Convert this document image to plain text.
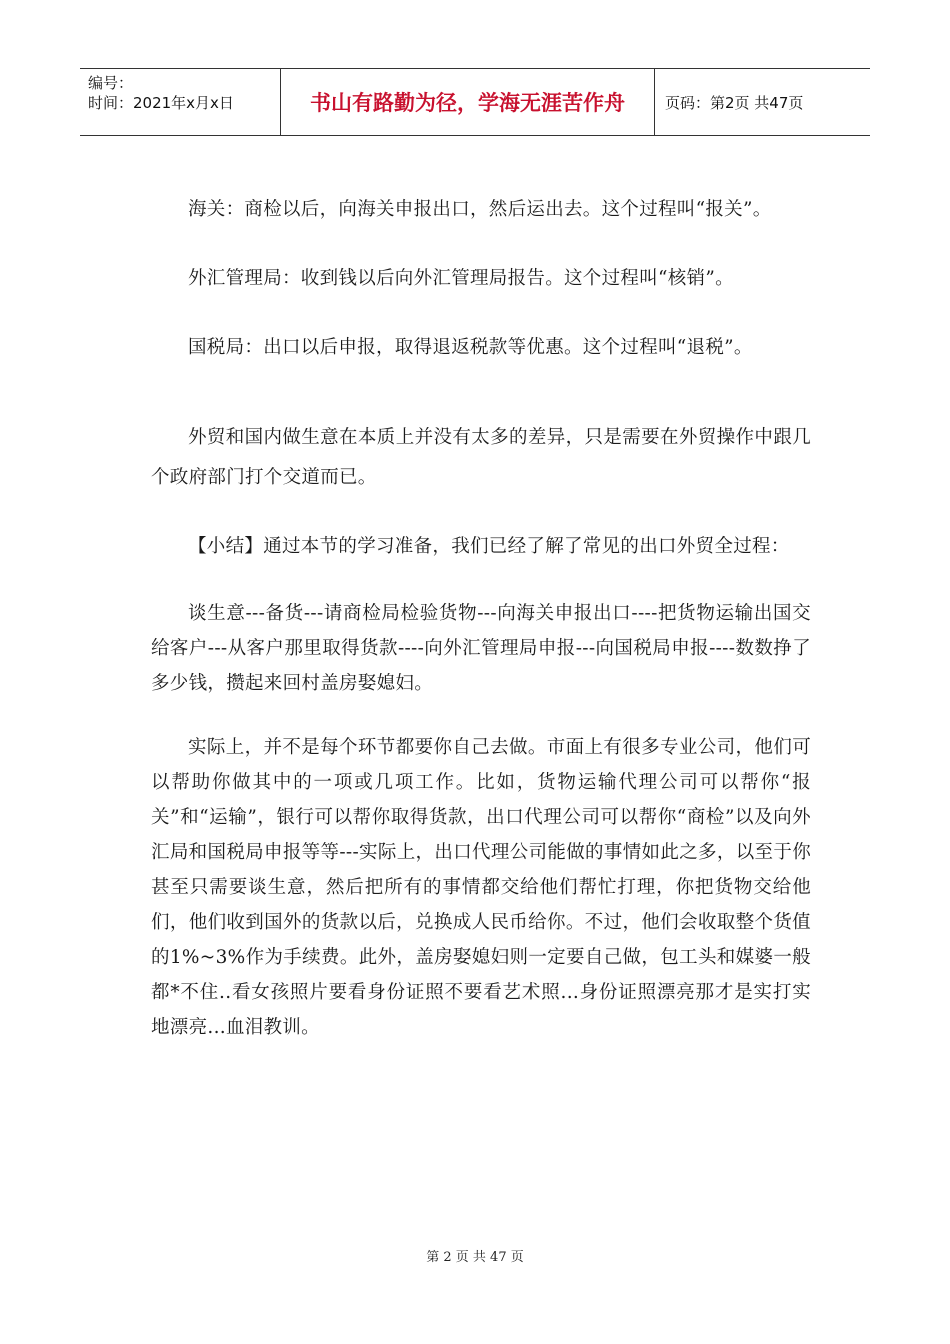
编号：
时间：2021年x月x日	书山有路勤为径，学海无涯苦作舟	页码：第2页 共47页

海关：商检以后，向海关申报出口，然后运出去。这个过程叫“报关”。

外汇管理局：收到钱以后向外汇管理局报告。这个过程叫“核销”。

国税局：出口以后申报，取得退返税款等优惠。这个过程叫“退税”。

外贸和国内做生意在本质上并没有太多的差异，只是需要在外贸操作中跟几个政府部门打个交道而已。

【小结】通过本节的学习准备，我们已经了解了常见的出口外贸全过程：

谈生意---备货---请商检局检验货物---向海关申报出口----把货物运输出国交给客户---从客户那里取得货款----向外汇管理局申报---向国税局申报----数数挣了多少钱，攒起来回村盖房娶媳妇。

实际上，并不是每个环节都要你自己去做。市面上有很多专业公司，他们可以帮助你做其中的一项或几项工作。比如，货物运输代理公司可以帮你“报关”和“运输”，银行可以帮你取得货款，出口代理公司可以帮你“商检”以及向外汇局和国税局申报等等---实际上，出口代理公司能做的事情如此之多，以至于你甚至只需要谈生意，然后把所有的事情都交给他们帮忙打理，你把货物交给他们，他们收到国外的货款以后，兑换成人民币给你。不过，他们会收取整个货值的1%~3%作为手续费。此外，盖房娶媳妇则一定要自己做，包工头和媒婆一般都*不住..看女孩照片要看身份证照不要看艺术照...身份证照漂亮那才是实打实地漂亮...血泪教训。

第 2 页 共 47 页
